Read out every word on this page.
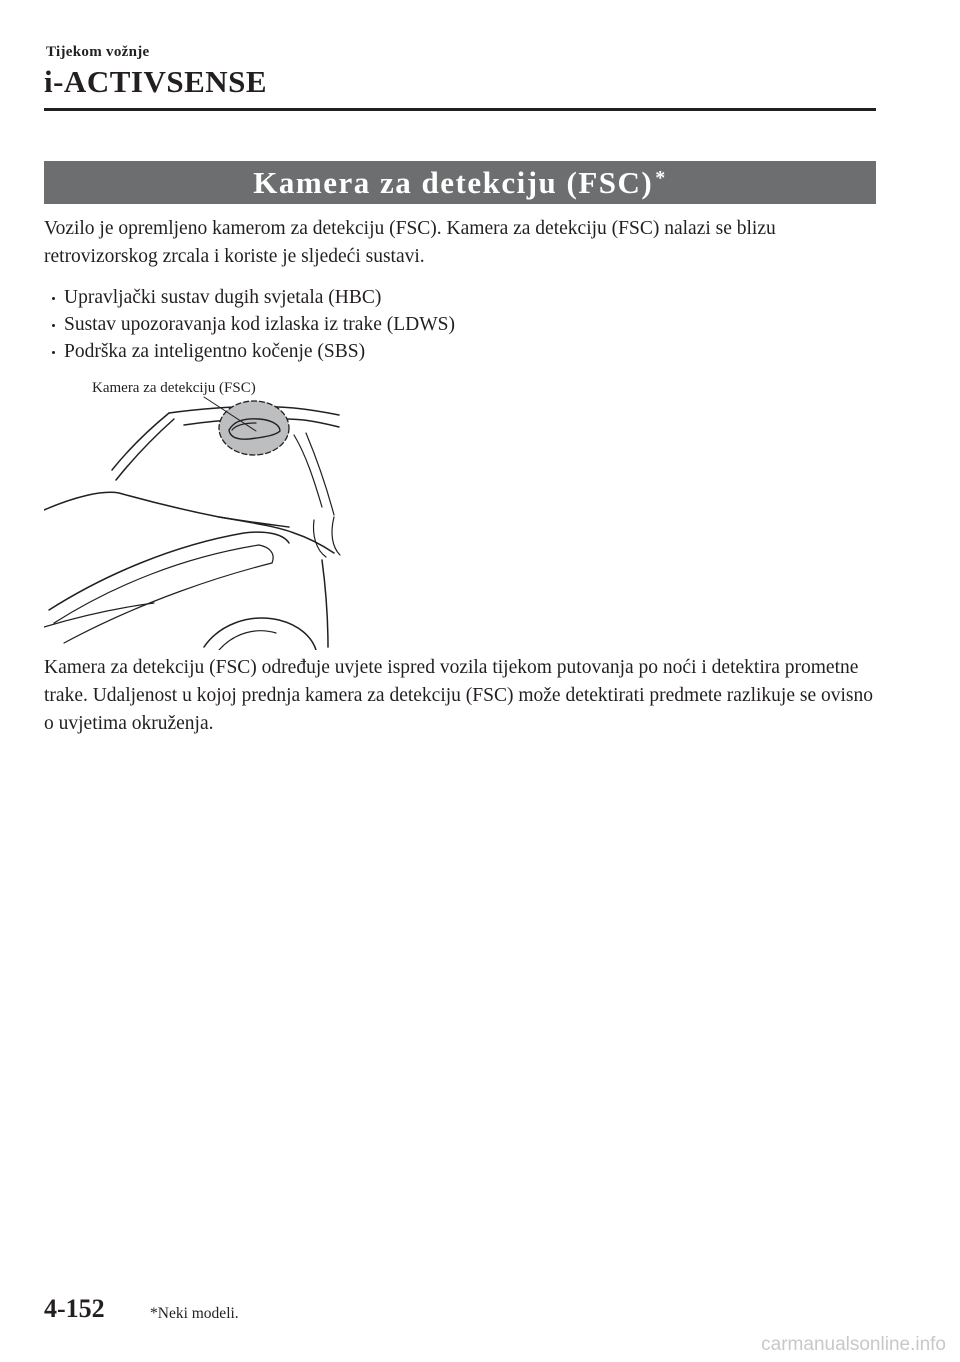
Tijekom vožnje
i-ACTIVSENSE
Kamera za detekciju (FSC)*

Vozilo je opremljeno kamerom za detekciju (FSC). Kamera za detekciju (FSC) nalazi se blizu retrovizorskog zrcala i koriste je sljedeći sustavi.

Upravljački sustav dugih svjetala (HBC)
Sustav upozoravanja kod izlaska iz trake (LDWS)
Podrška za inteligentno kočenje (SBS)
Kamera za detekciju (FSC)

Kamera za detekciju (FSC) određuje uvjete ispred vozila tijekom putovanja po noći i detektira prometne trake. Udaljenost u kojoj prednja kamera za detekciju (FSC) može detektirati predmete razlikuje se ovisno o uvjetima okruženja.

4-152	*Neki modeli.
carmanualsonline.info
